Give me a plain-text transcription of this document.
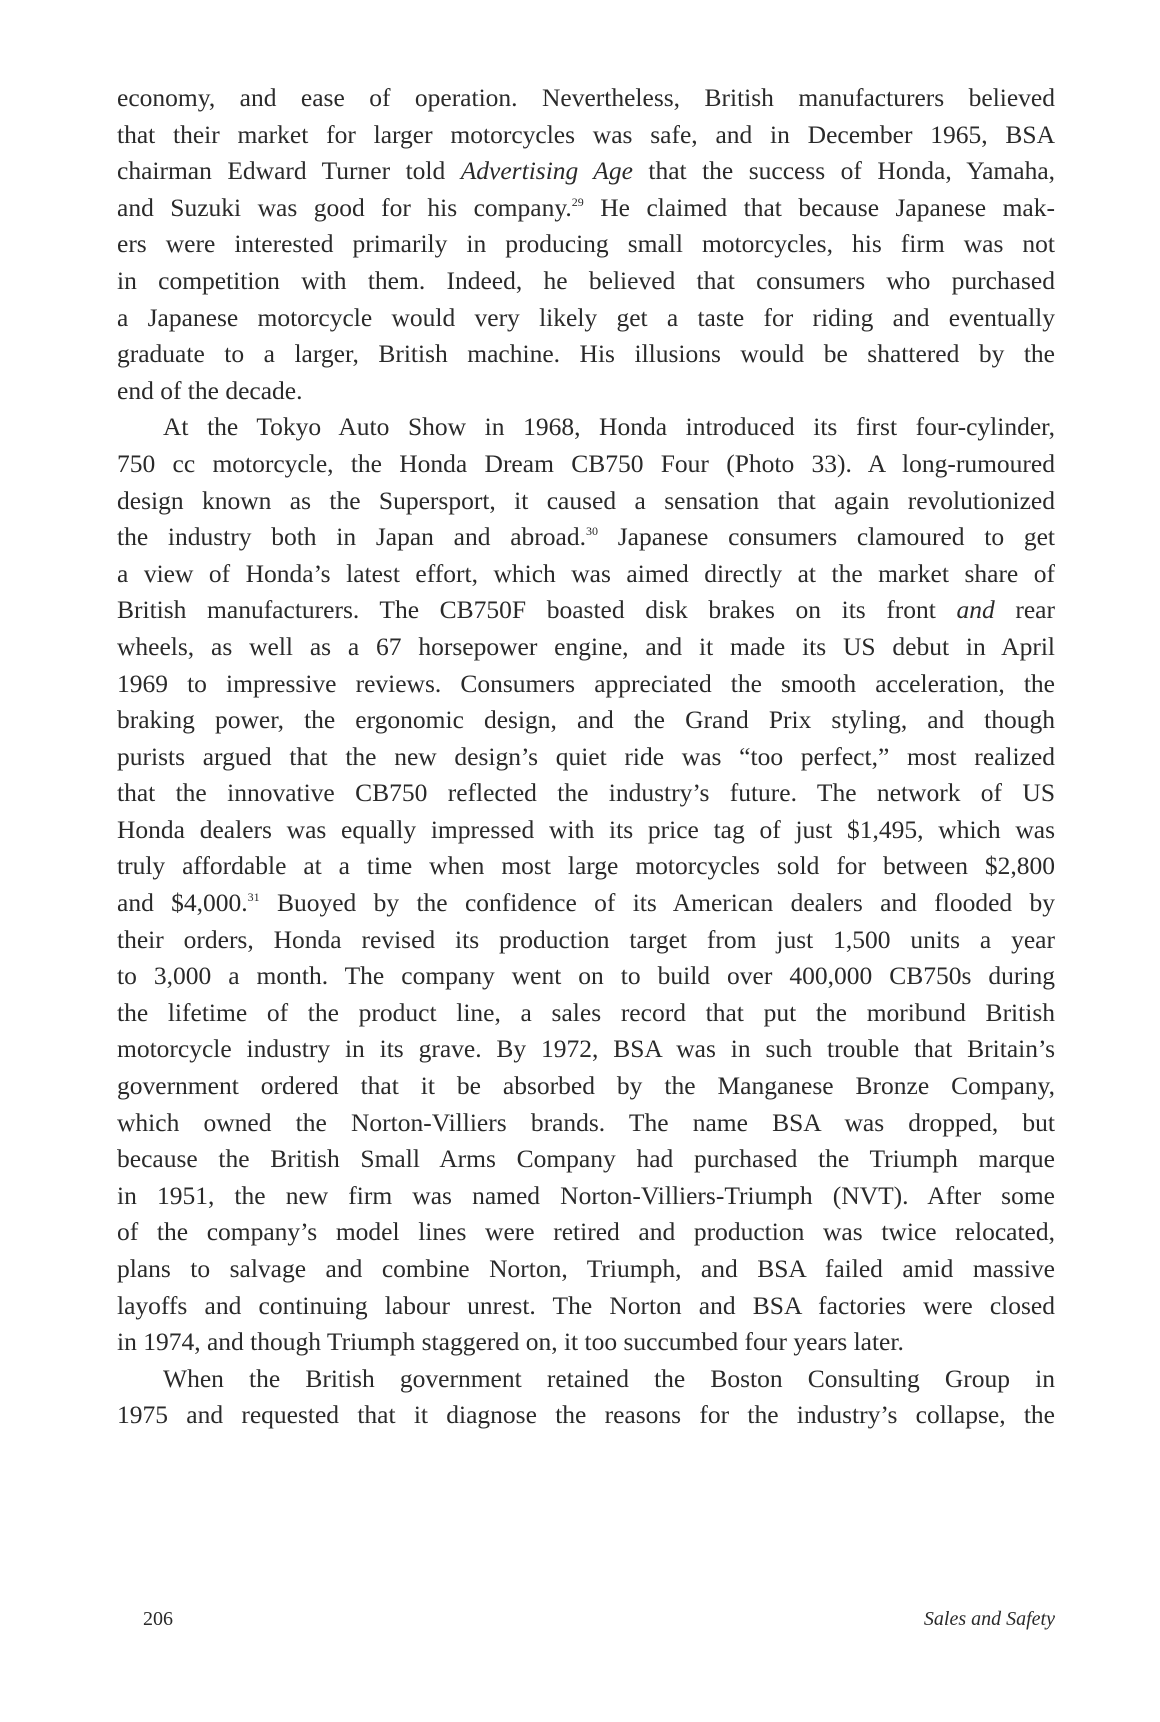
economy, and ease of operation. Nevertheless, British manufacturers believed
that their market for larger motorcycles was safe, and in December 1965, BSA
chairman Edward Turner told Advertising Age that the success of Honda, Yamaha,
and Suzuki was good for his company.$^{29}$ He claimed that because Japanese mak-
ers were interested primarily in producing small motorcycles, his firm was not
in competition with them. Indeed, he believed that consumers who purchased
a Japanese motorcycle would very likely get a taste for riding and eventually
graduate to a larger, British machine. His illusions would be shattered by the
end of the decade.
At the Tokyo Auto Show in 1968, Honda introduced its first four-cylinder,
750 cc motorcycle, the Honda Dream CB750 Four (Photo 33). A long-rumoured
design known as the Supersport, it caused a sensation that again revolutionized
the industry both in Japan and abroad.$^{30}$ Japanese consumers clamoured to get
a view of Honda’s latest effort, which was aimed directly at the market share of
British manufacturers. The CB750F boasted disk brakes on its front and rear
wheels, as well as a 67 horsepower engine, and it made its US debut in April
1969 to impressive reviews. Consumers appreciated the smooth acceleration, the
braking power, the ergonomic design, and the Grand Prix styling, and though
purists argued that the new design’s quiet ride was “too perfect,” most realized
that the innovative CB750 reflected the industry’s future. The network of US
Honda dealers was equally impressed with its price tag of just $1,495, which was
truly affordable at a time when most large motorcycles sold for between $2,800
and $4,000.31 Buoyed by the confidence of its American dealers and flooded by
their orders, Honda revised its production target from just 1,500 units a year
to 3,000 a month. The company went on to build over 400,000 CB750s during
the lifetime of the product line, a sales record that put the moribund British
motorcycle industry in its grave. By 1972, BSA was in such trouble that Britain’s
government ordered that it be absorbed by the Manganese Bronze Company,
which owned the Norton-Villiers brands. The name BSA was dropped, but
because the British Small Arms Company had purchased the Triumph marque
in 1951, the new firm was named Norton-Villiers-Triumph (NVT). After some
of the company’s model lines were retired and production was twice relocated,
plans to salvage and combine Norton, Triumph, and BSA failed amid massive
layoffs and continuing labour unrest. The Norton and BSA factories were closed
in 1974, and though Triumph staggered on, it too succumbed four years later.
When the British government retained the Boston Consulting Group in
1975 and requested that it diagnose the reasons for the industry’s collapse, the
206	Sales and Safety
